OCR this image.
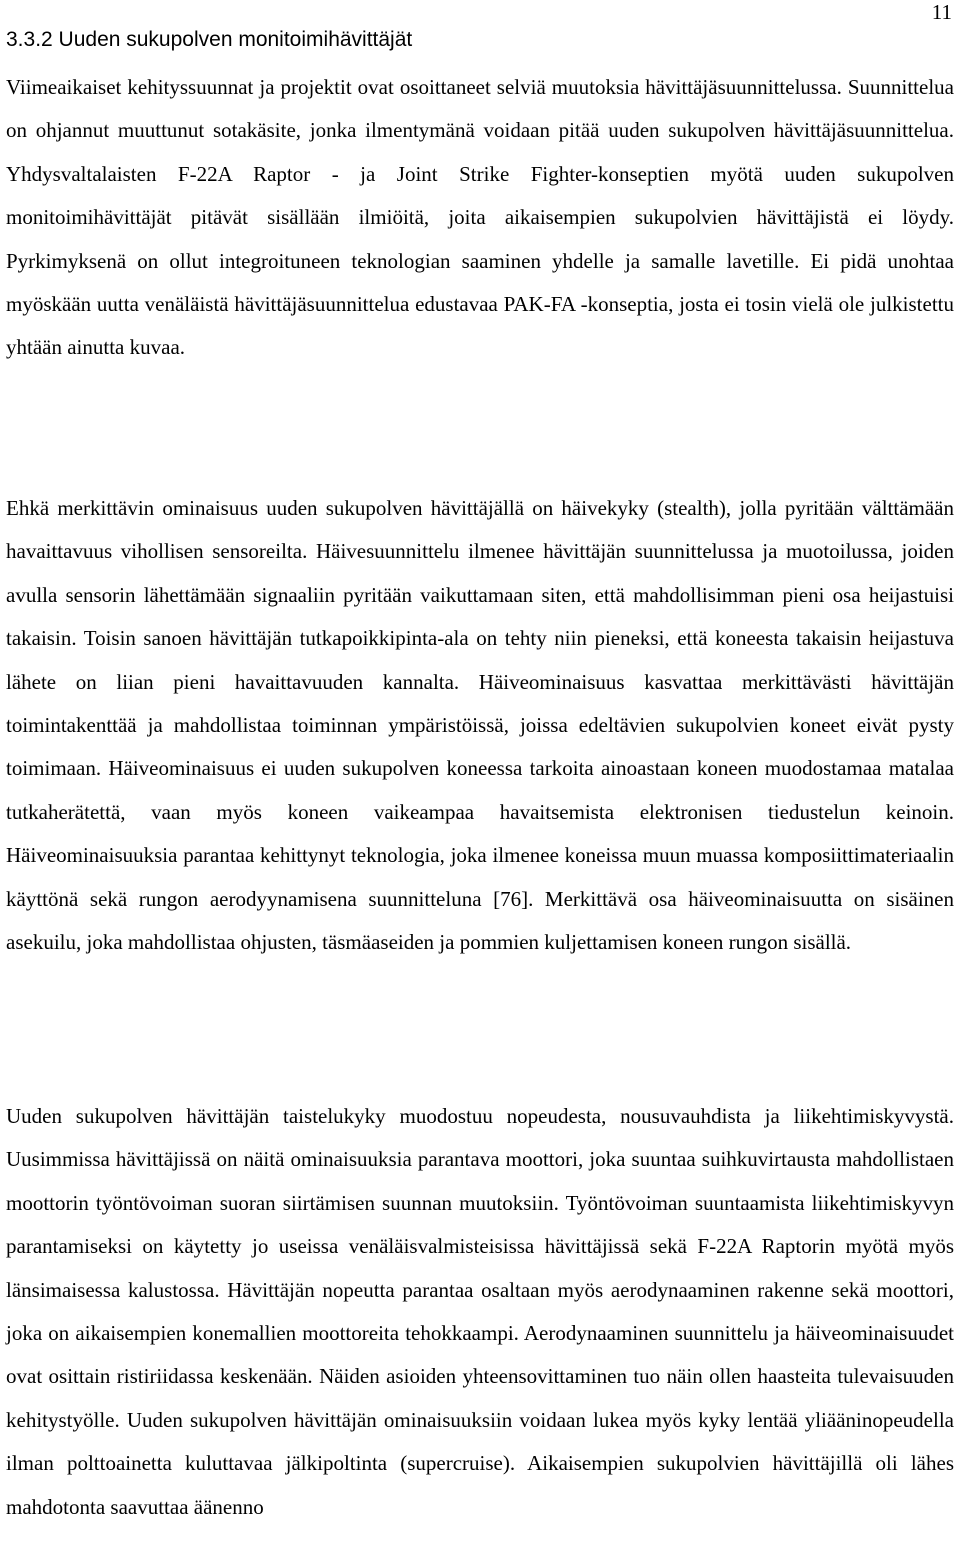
11
3.3.2 Uuden sukupolven monitoimihävittäjät

Viimeaikaiset kehityssuunnat ja projektit ovat osoittaneet selviä muutoksia hävittäjäsuunnittelussa. Suunnittelua on ohjannut muuttunut sotakäsite, jonka ilmentymänä voidaan pitää uuden sukupolven hävittäjäsuunnittelua. Yhdysvaltalaisten F-22A Raptor - ja Joint Strike Fighter-konseptien myötä uuden sukupolven monitoimihävittäjät pitävät sisällään ilmiöitä, joita aikaisempien sukupolvien hävittäjistä ei löydy. Pyrkimyksenä on ollut integroituneen teknologian saaminen yhdelle ja samalle lavetille. Ei pidä unohtaa myöskään uutta venäläistä hävittäjäsuunnittelua edustavaa PAK-FA -konseptia, josta ei tosin vielä ole julkistettu yhtään ainutta kuvaa.

Ehkä merkittävin ominaisuus uuden sukupolven hävittäjällä on häivekyky (stealth), jolla pyritään välttämään havaittavuus vihollisen sensoreilta. Häivesuunnittelu ilmenee hävittäjän suunnittelussa ja muotoilussa, joiden avulla sensorin lähettämään signaaliin pyritään vaikuttamaan siten, että mahdollisimman pieni osa heijastuisi takaisin. Toisin sanoen hävittäjän tutkapoikkipinta-ala on tehty niin pieneksi, että koneesta takaisin heijastuva lähete on liian pieni havaittavuuden kannalta. Häiveominaisuus kasvattaa merkittävästi hävittäjän toimintakenttää ja mahdollistaa toiminnan ympäristöissä, joissa edeltävien sukupolvien koneet eivät pysty toimimaan. Häiveominaisuus ei uuden sukupolven koneessa tarkoita ainoastaan koneen muodostamaa matalaa tutkaherätettä, vaan myös koneen vaikeampaa havaitsemista elektronisen tiedustelun keinoin. Häiveominaisuuksia parantaa kehittynyt teknologia, joka ilmenee koneissa muun muassa komposiittimateriaalin käyttönä sekä rungon aerodyynamisena suunnitteluna [76]. Merkittävä osa häiveominaisuutta on sisäinen asekuilu, joka mahdollistaa ohjusten, täsmäaseiden ja pommien kuljettamisen koneen rungon sisällä.

Uuden sukupolven hävittäjän taistelukyky muodostuu nopeudesta, nousuvauhdista ja liikehtimiskyvystä. Uusimmissa hävittäjissä on näitä ominaisuuksia parantava moottori, joka suuntaa suihkuvirtausta mahdollistaen moottorin työntövoiman suoran siirtämisen suunnan muutoksiin. Työntövoiman suuntaamista liikehtimiskyvyn parantamiseksi on käytetty jo useissa venäläisvalmisteisissa hävittäjissä sekä F-22A Raptorin myötä myös länsimaisessa kalustossa. Hävittäjän nopeutta parantaa osaltaan myös aerodynaaminen rakenne sekä moottori, joka on aikaisempien konemallien moottoreita tehokkaampi. Aerodynaaminen suunnittelu ja häiveominaisuudet ovat osittain ristiriidassa keskenään. Näiden asioiden yhteensovittaminen tuo näin ollen haasteita tulevaisuuden kehitystyölle. Uuden sukupolven hävittäjän ominaisuuksiin voidaan lukea myös kyky lentää yliääninopeudella ilman polttoainetta kuluttavaa jälkipoltinta (supercruise). Aikaisempien sukupolvien hävittäjillä oli lähes mahdotonta saavuttaa äänenno
